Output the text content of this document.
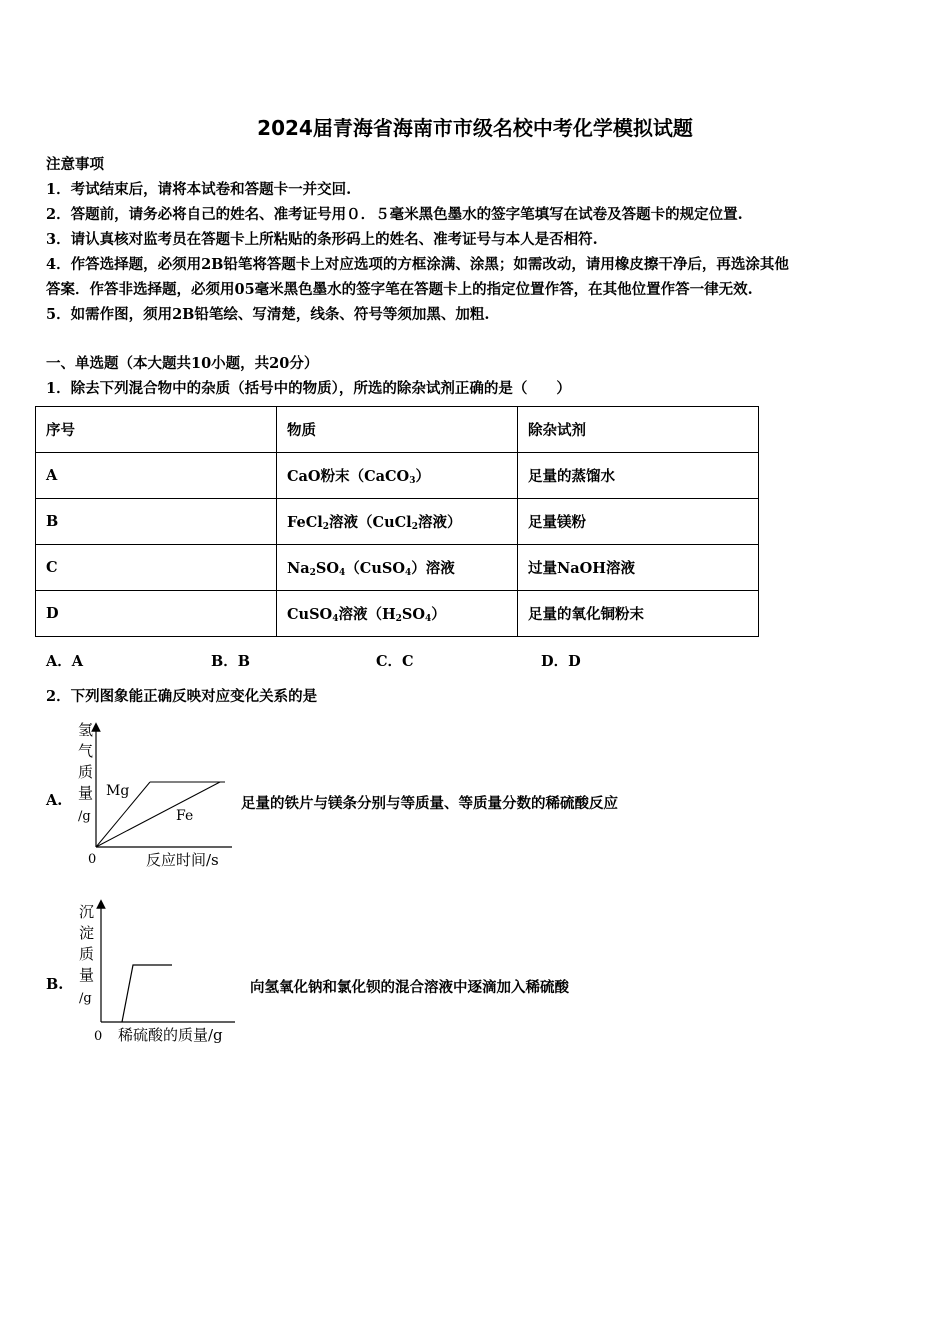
2024届青海省海南市市级名校中考化学模拟试题
注意事项
1．考试结束后，请将本试卷和答题卡一并交回.
2．答题前，请务必将自己的姓名、准考证号用０．５毫米黑色墨水的签字笔填写在试卷及答题卡的规定位置.
3．请认真核对监考员在答题卡上所粘贴的条形码上的姓名、准考证号与本人是否相符.
4．作答选择题，必须用2B铅笔将答题卡上对应选项的方框涂满、涂黑；如需改动，请用橡皮擦干净后，再选涂其他
答案．作答非选择题，必须用05毫米黑色墨水的签字笔在答题卡上的指定位置作答，在其他位置作答一律无效.
5．如需作图，须用2B铅笔绘、写清楚，线条、符号等须加黑、加粗.
一、单选题（本大题共10小题，共20分）
1．除去下列混合物中的杂质（括号中的物质），所选的除杂试剂正确的是（　　）
序号	物质	除杂试剂
A	CaO粉末（CaCO$_3$）	足量的蒸馏水
B	FeCl$_2$溶液（CuCl$_2$溶液）	足量镁粉
C	$Na_2SO_4(CuSO_4)$溶液	过量NaOH溶液
D	CuSO$_4$溶液$(H_2SO_4)$	足量的氧化铜粉末
A．A	B．B	C．C	D．D
2．下列图象能正确反映对应变化关系的是
A.
氢
气
质
量
/g
Mg
Fe
0	反应时间/s
足量的铁片与镁条分别与等质量、等质量分数的稀硫酸反应
B.
沉
淀
质
量
/g
0 稀硫酸的质量/g
向氢氧化钠和氯化钡的混合溶液中逐滴加入稀硫酸
